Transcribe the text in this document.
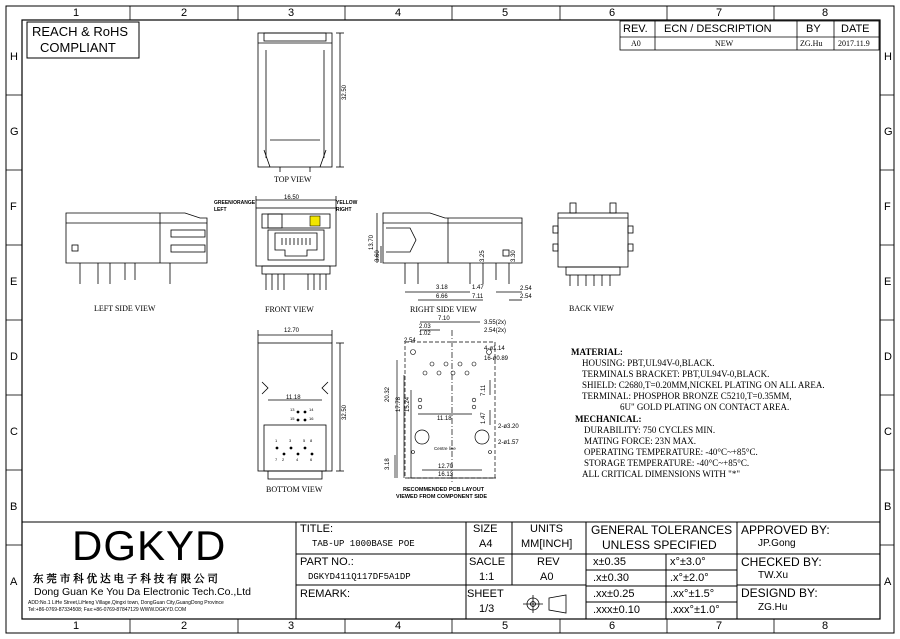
1	2	3	4	5	6	7	8
1	2	3	4	5	6	7	8
H
G
F
E
D
C
B
A
H
G
F
E
D
C
B
A
REACH & RoHS
COMPLIANT
REV. ECN / DESCRIPTION	BY DATE
A0	NEW	ZG.Hu 2017.11.9
TOP VIEW
LEFT SIDE VIEW	FRONT VIEW	RIGHT SIDE VIEW	BACK VIEW
BOTTOM VIEW	RECOMMENDED PCB LAYOUT
VIEWED FROM COMPONENT SIDE
Centre line
32.50
16.50
GREEN/ORANGE
LEFT
YELLOW
RIGHT
13.70
3.60	3.25	3.30
3.18	1.47
6.66	7.11
2.54
2.54
12.70
11.18
32.50
1
2
3
4
5
6
7
8
13	14
15	16
7.10
2.03
1.02
2.54
3.55(2x)
2.54(2x)
4-ø1.14
16-ø0.89
20.32
17.78 15.24
11.18
7.11
1.47
2-ø3.20
2-ø1.57
3.18	12.70
16.13
MATERIAL:
HOUSING: PBT,UL94V-0,BLACK.
TERMINALS BRACKET: PBT,UL94V-0,BLACK.
SHIELD: C2680,T=0.20MM,NICKEL PLATING ON ALL AREA.
TERMINAL: PHOSPHOR BRONZE C5210,T=0.35MM,
6U" GOLD PLATING ON CONTACT AREA.
MECHANICAL:
DURABILITY: 750 CYCLES MIN.
MATING FORCE: 23N MAX.
OPERATING TEMPERATURE: -40°C~+85°C.
STORAGE TEMPERATURE: -40°C~+85°C.
ALL CRITICAL DIMENSIONS WITH "*"
DGKYD
东 莞 市 科 优 达 电 子 科 技 有 限 公 司
Dong Guan Ke You Da Electronic Tech.Co.,Ltd
ADD:No.1 LiHe Street,LiHeng Village,Qingxi town, DongGuan City,GuangDong Province
Tel:+86-0769-87334508; Fax:+86-0769-87847129 WWW.DGKYD.COM
TITLE:
TAB-UP 1000BASE POE
PART NO.:
DGKYD411Q117DF5A1DP
REMARK:
SIZE
A4
UNITS
MM[INCH]
SACLE
1:1
REV
A0
SHEET
1/3
GENERAL TOLERANCES
UNLESS SPECIFIED
x±0.35	x°±3.0°
.x±0.30	.x°±2.0°
.xx±0.25	.xx°±1.5°
.xxx±0.10	.xxx°±1.0°
APPROVED BY:
JP.Gong
CHECKED BY:
TW.Xu
DESIGND BY:
ZG.Hu
